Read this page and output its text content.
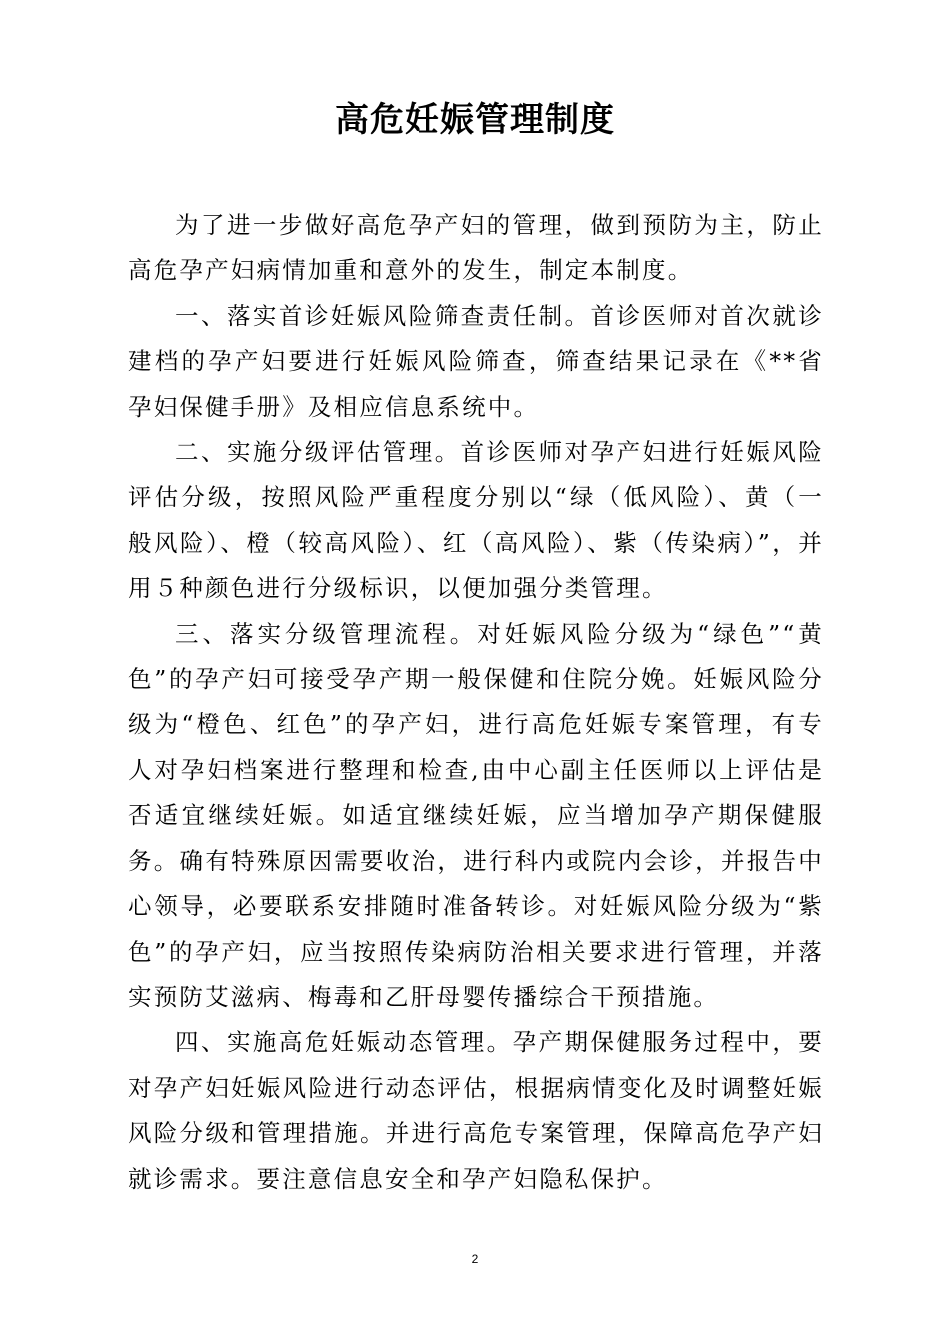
高危妊娠管理制度

为了进一步做好高危孕产妇的管理，做到预防为主，防止高危孕产妇病情加重和意外的发生，制定本制度。

一、落实首诊妊娠风险筛查责任制。首诊医师对首次就诊建档的孕产妇要进行妊娠风险筛查，筛查结果记录在《**省孕妇保健手册》及相应信息系统中。

二、实施分级评估管理。首诊医师对孕产妇进行妊娠风险评估分级，按照风险严重程度分别以“绿（低风险）、黄（一般风险）、橙（较高风险）、红（高风险）、紫（传染病）”，并用５种颜色进行分级标识，以便加强分类管理。

三、落实分级管理流程。对妊娠风险分级为“绿色”“黄色”的孕产妇可接受孕产期一般保健和住院分娩。妊娠风险分级为“橙色、红色”的孕产妇，进行高危妊娠专案管理，有专人对孕妇档案进行整理和检查,由中心副主任医师以上评估是否适宜继续妊娠。如适宜继续妊娠，应当增加孕产期保健服务。确有特殊原因需要收治，进行科内或院内会诊，并报告中心领导，必要联系安排随时准备转诊。对妊娠风险分级为“紫色”的孕产妇，应当按照传染病防治相关要求进行管理，并落实预防艾滋病、梅毒和乙肝母婴传播综合干预措施。

四、实施高危妊娠动态管理。孕产期保健服务过程中，要对孕产妇妊娠风险进行动态评估，根据病情变化及时调整妊娠风险分级和管理措施。并进行高危专案管理，保障高危孕产妇就诊需求。要注意信息安全和孕产妇隐私保护。

2
